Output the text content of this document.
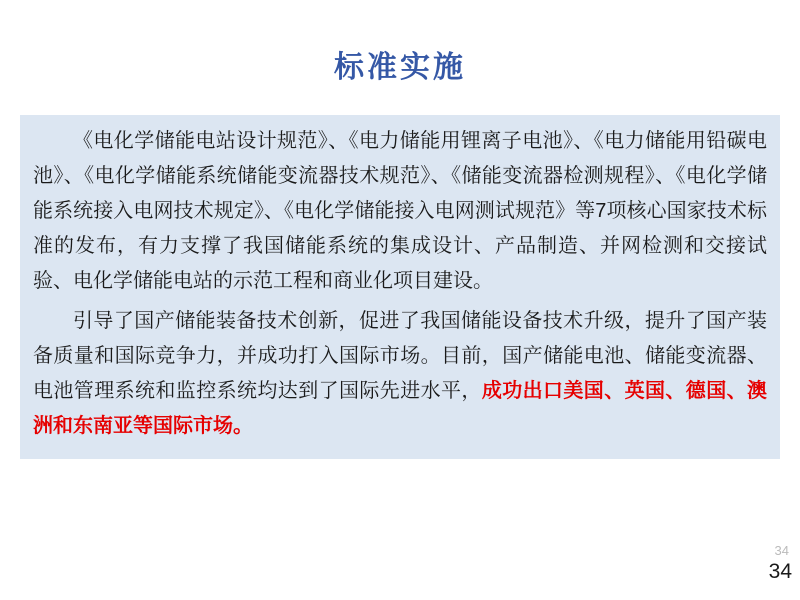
标准实施

《电化学储能电站设计规范》、《电力储能用锂离子电池》、《电力储能用铅碳电池》、《电化学储能系统储能变流器技术规范》、《储能变流器检测规程》、《电化学储能系统接入电网技术规定》、《电化学储能接入电网测试规范》等7项核心国家技术标准的发布，有力支撑了我国储能系统的集成设计、产品制造、并网检测和交接试验、电化学储能电站的示范工程和商业化项目建设。

引导了国产储能装备技术创新，促进了我国储能设备技术升级，提升了国产装备质量和国际竞争力，并成功打入国际市场。目前，国产储能电池、储能变流器、电池管理系统和监控系统均达到了国际先进水平，成功出口美国、英国、德国、澳洲和东南亚等国际市场。

34
34
